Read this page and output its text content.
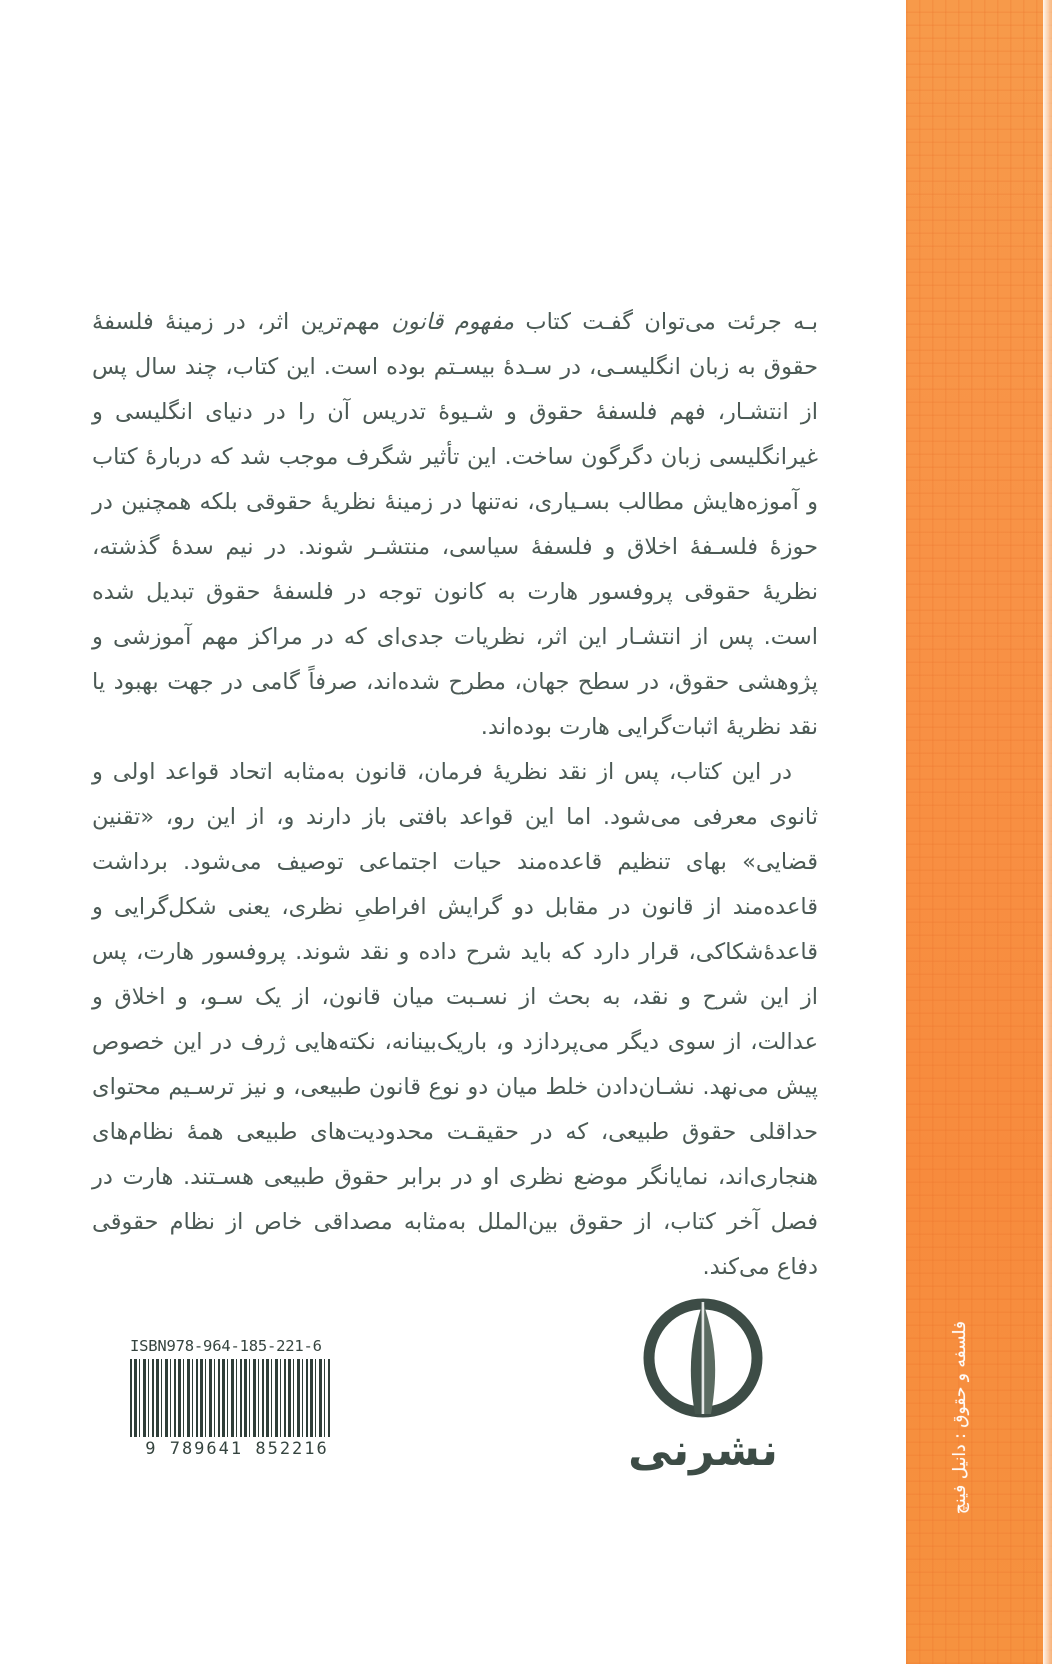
بـه جرئت می‌توان گفـت کتاب مفهوم قانون مهم‌ترین اثر، در زمینهٔ فلسفهٔ حقوق به زبان انگلیسـی، در سـدهٔ بیسـتم بوده است. این کتاب، چند سال پس از انتشـار، فهم فلسفهٔ حقوق و شـیوهٔ تدریس آن را در دنیای انگلیسی و غیرانگلیسی زبان دگرگون ساخت. این تأثیر شگرف موجب شد که دربارهٔ کتاب و آموزه‌هایش مطالب بسـیاری، نه‌تنها در زمینهٔ نظریهٔ حقوقی بلکه همچنین در حوزهٔ فلسـفهٔ اخلاق و فلسفهٔ سیاسی، منتشـر شوند. در نیم سدهٔ گذشته، نظریهٔ حقوقی پروفسور هارت به کانون توجه در فلسفهٔ حقوق تبدیل شده است. پس از انتشـار این اثر، نظریات جدی‌ای که در مراکز مهم آموزشی و پژوهشی حقوق، در سطح جهان، مطرح شده‌اند، صرفاً گامی در جهت بهبود یا نقد نظریهٔ اثبات‌گرایی هارت بوده‌اند.

در این کتاب، پس از نقد نظریهٔ فرمان، قانون به‌مثابه اتحاد قواعد اولی و ثانوی معرفی می‌شود. اما این قواعد بافتی باز دارند و، از این رو، «تقنین قضایی» بهای تنظیم قاعده‌مند حیات اجتماعی توصیف می‌شود. برداشت قاعده‌مند از قانون در مقابل دو گرایش افراطیِ نظری، یعنی شکل‌گرایی و قاعدهٔ‌شکاکی، قرار دارد که باید شرح داده و نقد شوند. پروفسور هارت، پس از این شرح و نقد، به بحث از نسـبت میان قانون، از یک سـو، و اخلاق و عدالت، از سوی دیگر می‌پردازد و، باریک‌بینانه، نکته‌هایی ژرف در این خصوص پیش می‌نهد. نشـان‌دادن خلط میان دو نوع قانون طبیعی، و نیز ترسـیم محتوای حداقلی حقوق طبیعی، که در حقیقـت محدودیت‌های طبیعی همهٔ نظام‌های هنجاری‌اند، نمایانگر موضع نظری او در برابر حقوق طبیعی هسـتند. هارت در فصل آخر کتاب، از حقوق بین‌الملل به‌مثابه مصداقی خاص از نظام حقوقی دفاع می‌کند.

ISBN978-964-185-221-6
9 789641 852216	نشرنی	فلسفه و حقوق : دانیل فینچ
